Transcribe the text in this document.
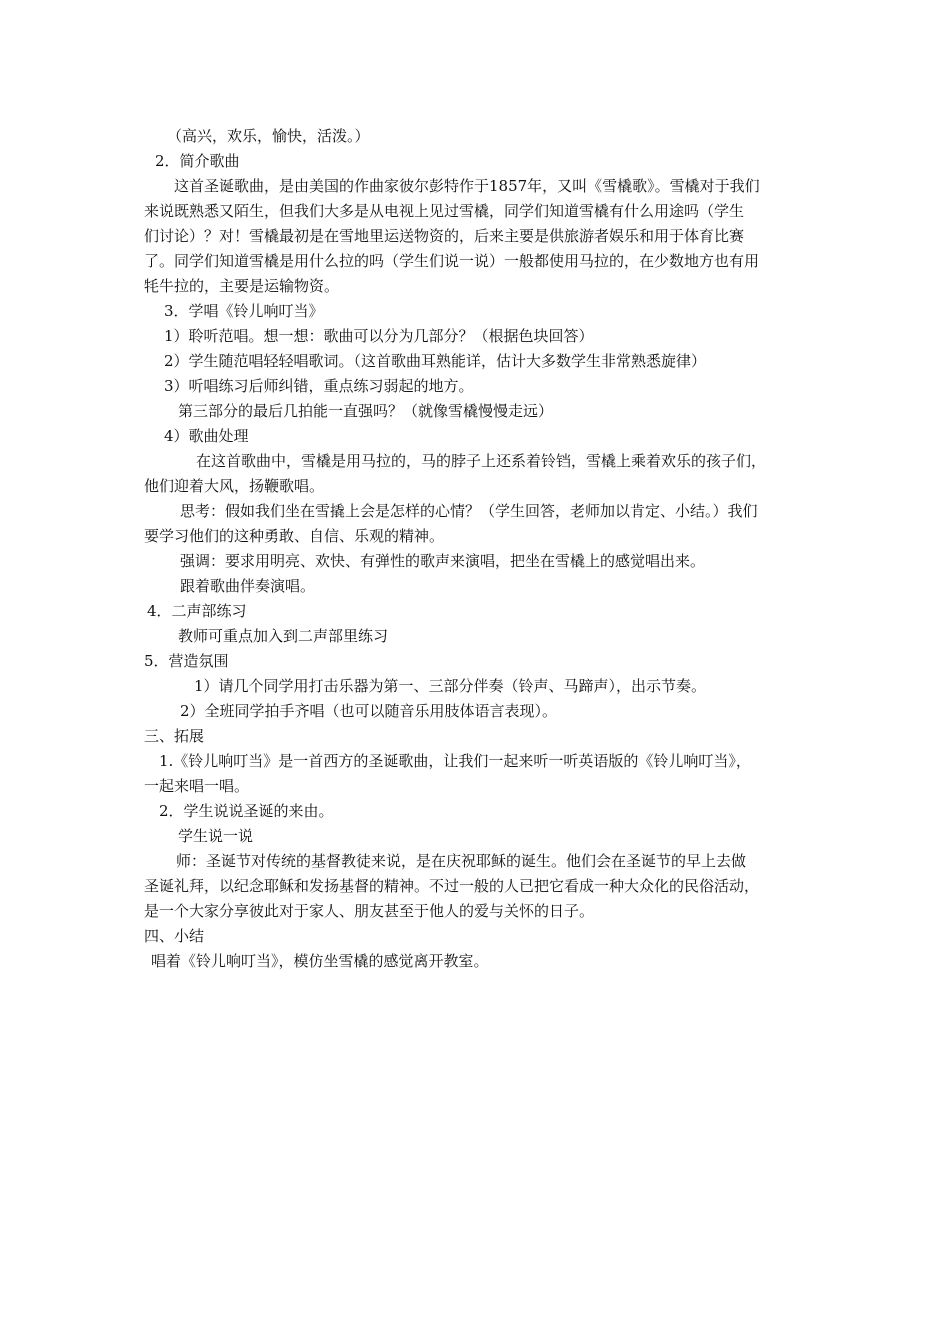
（高兴，欢乐，愉快，活泼。）
2．简介歌曲
这首圣诞歌曲，是由美国的作曲家彼尔彭特作于1857年，又叫《雪橇歌》。雪橇对于我们
来说既熟悉又陌生，但我们大多是从电视上见过雪橇，同学们知道雪橇有什么用途吗（学生
们讨论）？对！雪橇最初是在雪地里运送物资的，后来主要是供旅游者娱乐和用于体育比赛
了。同学们知道雪橇是用什么拉的吗（学生们说一说）一般都使用马拉的，在少数地方也有用
牦牛拉的，主要是运输物资。
3．学唱《铃儿响叮当》
1）聆听范唱。想一想：歌曲可以分为几部分？（根据色块回答）
2）学生随范唱轻轻唱歌词。（这首歌曲耳熟能详，估计大多数学生非常熟悉旋律）
3）听唱练习后师纠错，重点练习弱起的地方。
第三部分的最后几拍能一直强吗？（就像雪橇慢慢走远）
4）歌曲处理
在这首歌曲中，雪橇是用马拉的，马的脖子上还系着铃铛，雪橇上乘着欢乐的孩子们，
他们迎着大风，扬鞭歌唱。
思考：假如我们坐在雪撬上会是怎样的心情？（学生回答，老师加以肯定、小结。）我们
要学习他们的这种勇敢、自信、乐观的精神。
强调：要求用明亮、欢快、有弹性的歌声来演唱，把坐在雪橇上的感觉唱出来。
跟着歌曲伴奏演唱。
4．二声部练习
教师可重点加入到二声部里练习
5．营造氛围
1）请几个同学用打击乐器为第一、三部分伴奏（铃声、马蹄声），出示节奏。
2）全班同学拍手齐唱（也可以随音乐用肢体语言表现）。
三、拓展
1.《铃儿响叮当》是一首西方的圣诞歌曲，让我们一起来听一听英语版的《铃儿响叮当》，
一起来唱一唱。
2．学生说说圣诞的来由。
学生说一说
师：圣诞节对传统的基督教徒来说，是在庆祝耶稣的诞生。他们会在圣诞节的早上去做
圣诞礼拜，以纪念耶稣和发扬基督的精神。不过一般的人已把它看成一种大众化的民俗活动，
是一个大家分享彼此对于家人、朋友甚至于他人的爱与关怀的日子。
四、小结
唱着《铃儿响叮当》，模仿坐雪橇的感觉离开教室。
